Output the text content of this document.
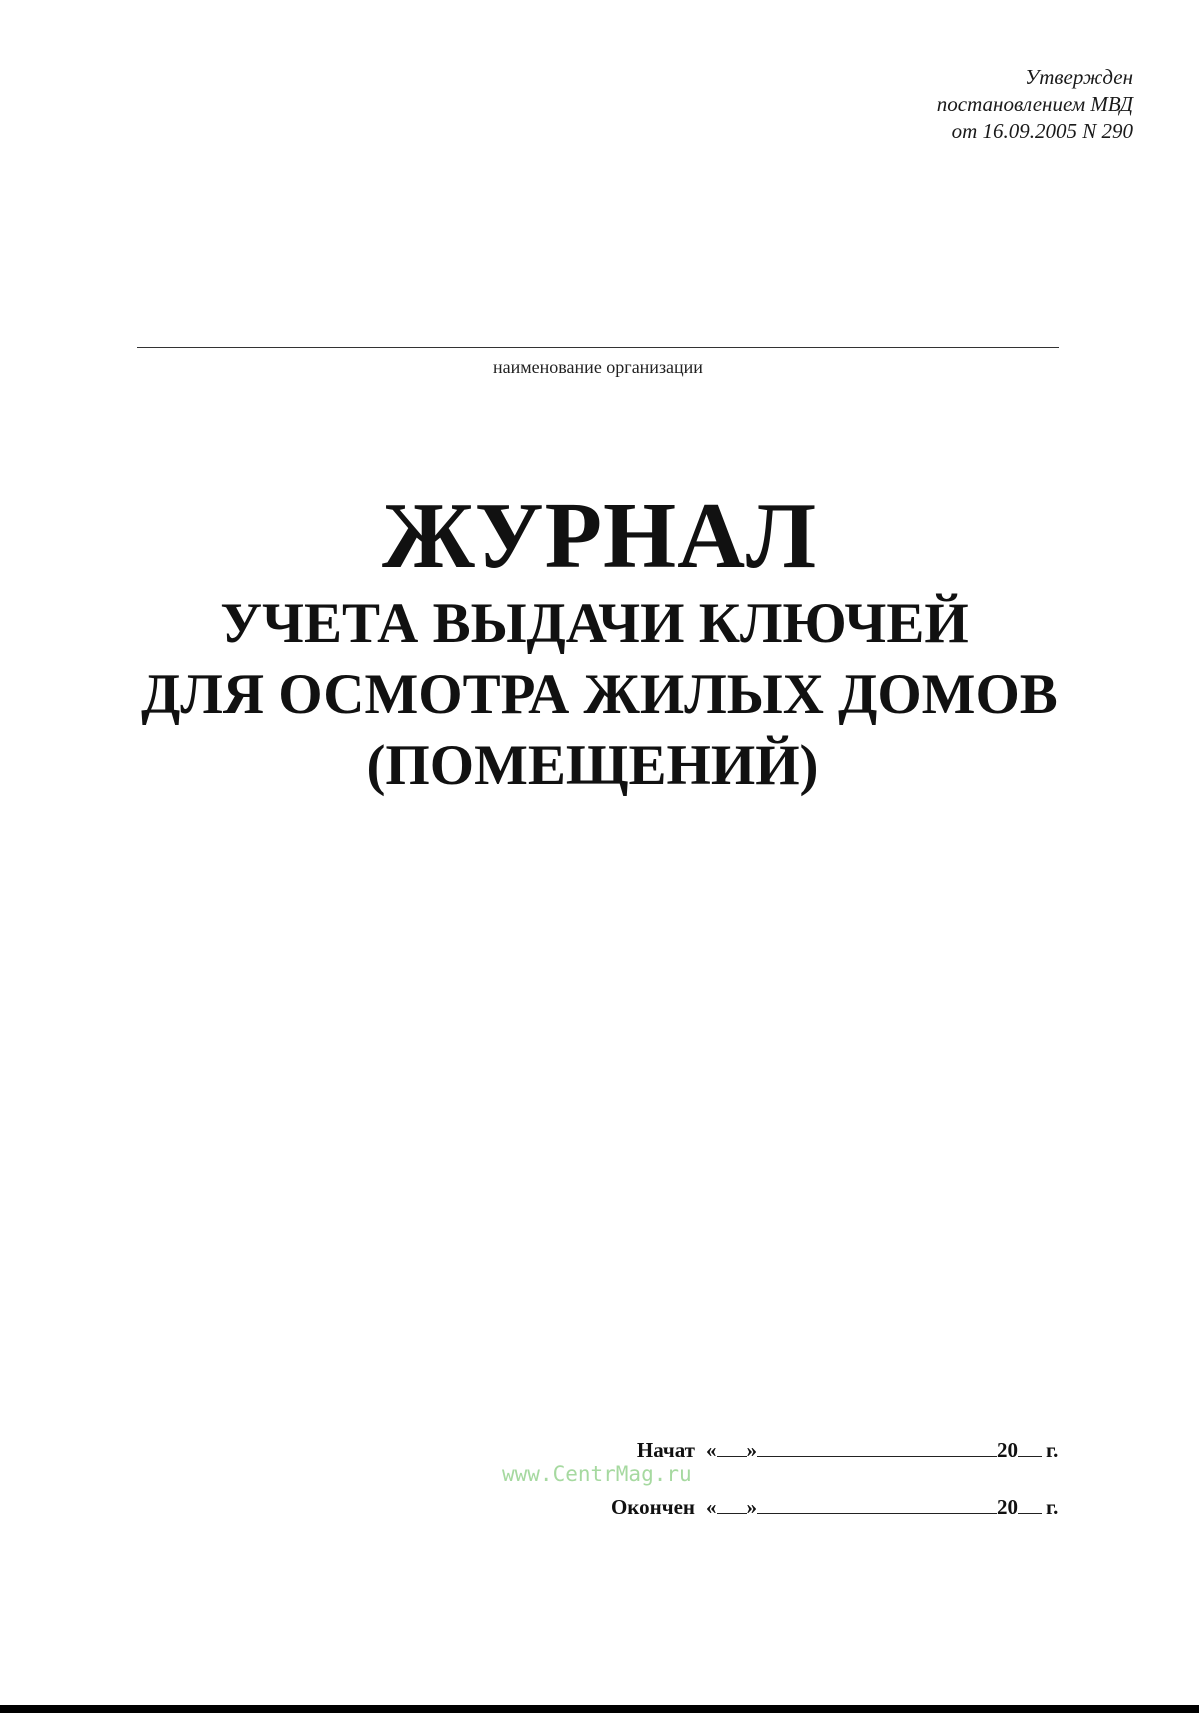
Утвержден
постановлением МВД
от 16.09.2005 N 290
наименование организации
ЖУРНАЛ
УЧЕТА ВЫДАЧИ КЛЮЧЕЙ
ДЛЯ ОСМОТРА ЖИЛЫХ ДОМОВ
(ПОМЕЩЕНИЙ)
Начат « »	20 г.
Окончен « »	20 г.
www.CentrMag.ru
